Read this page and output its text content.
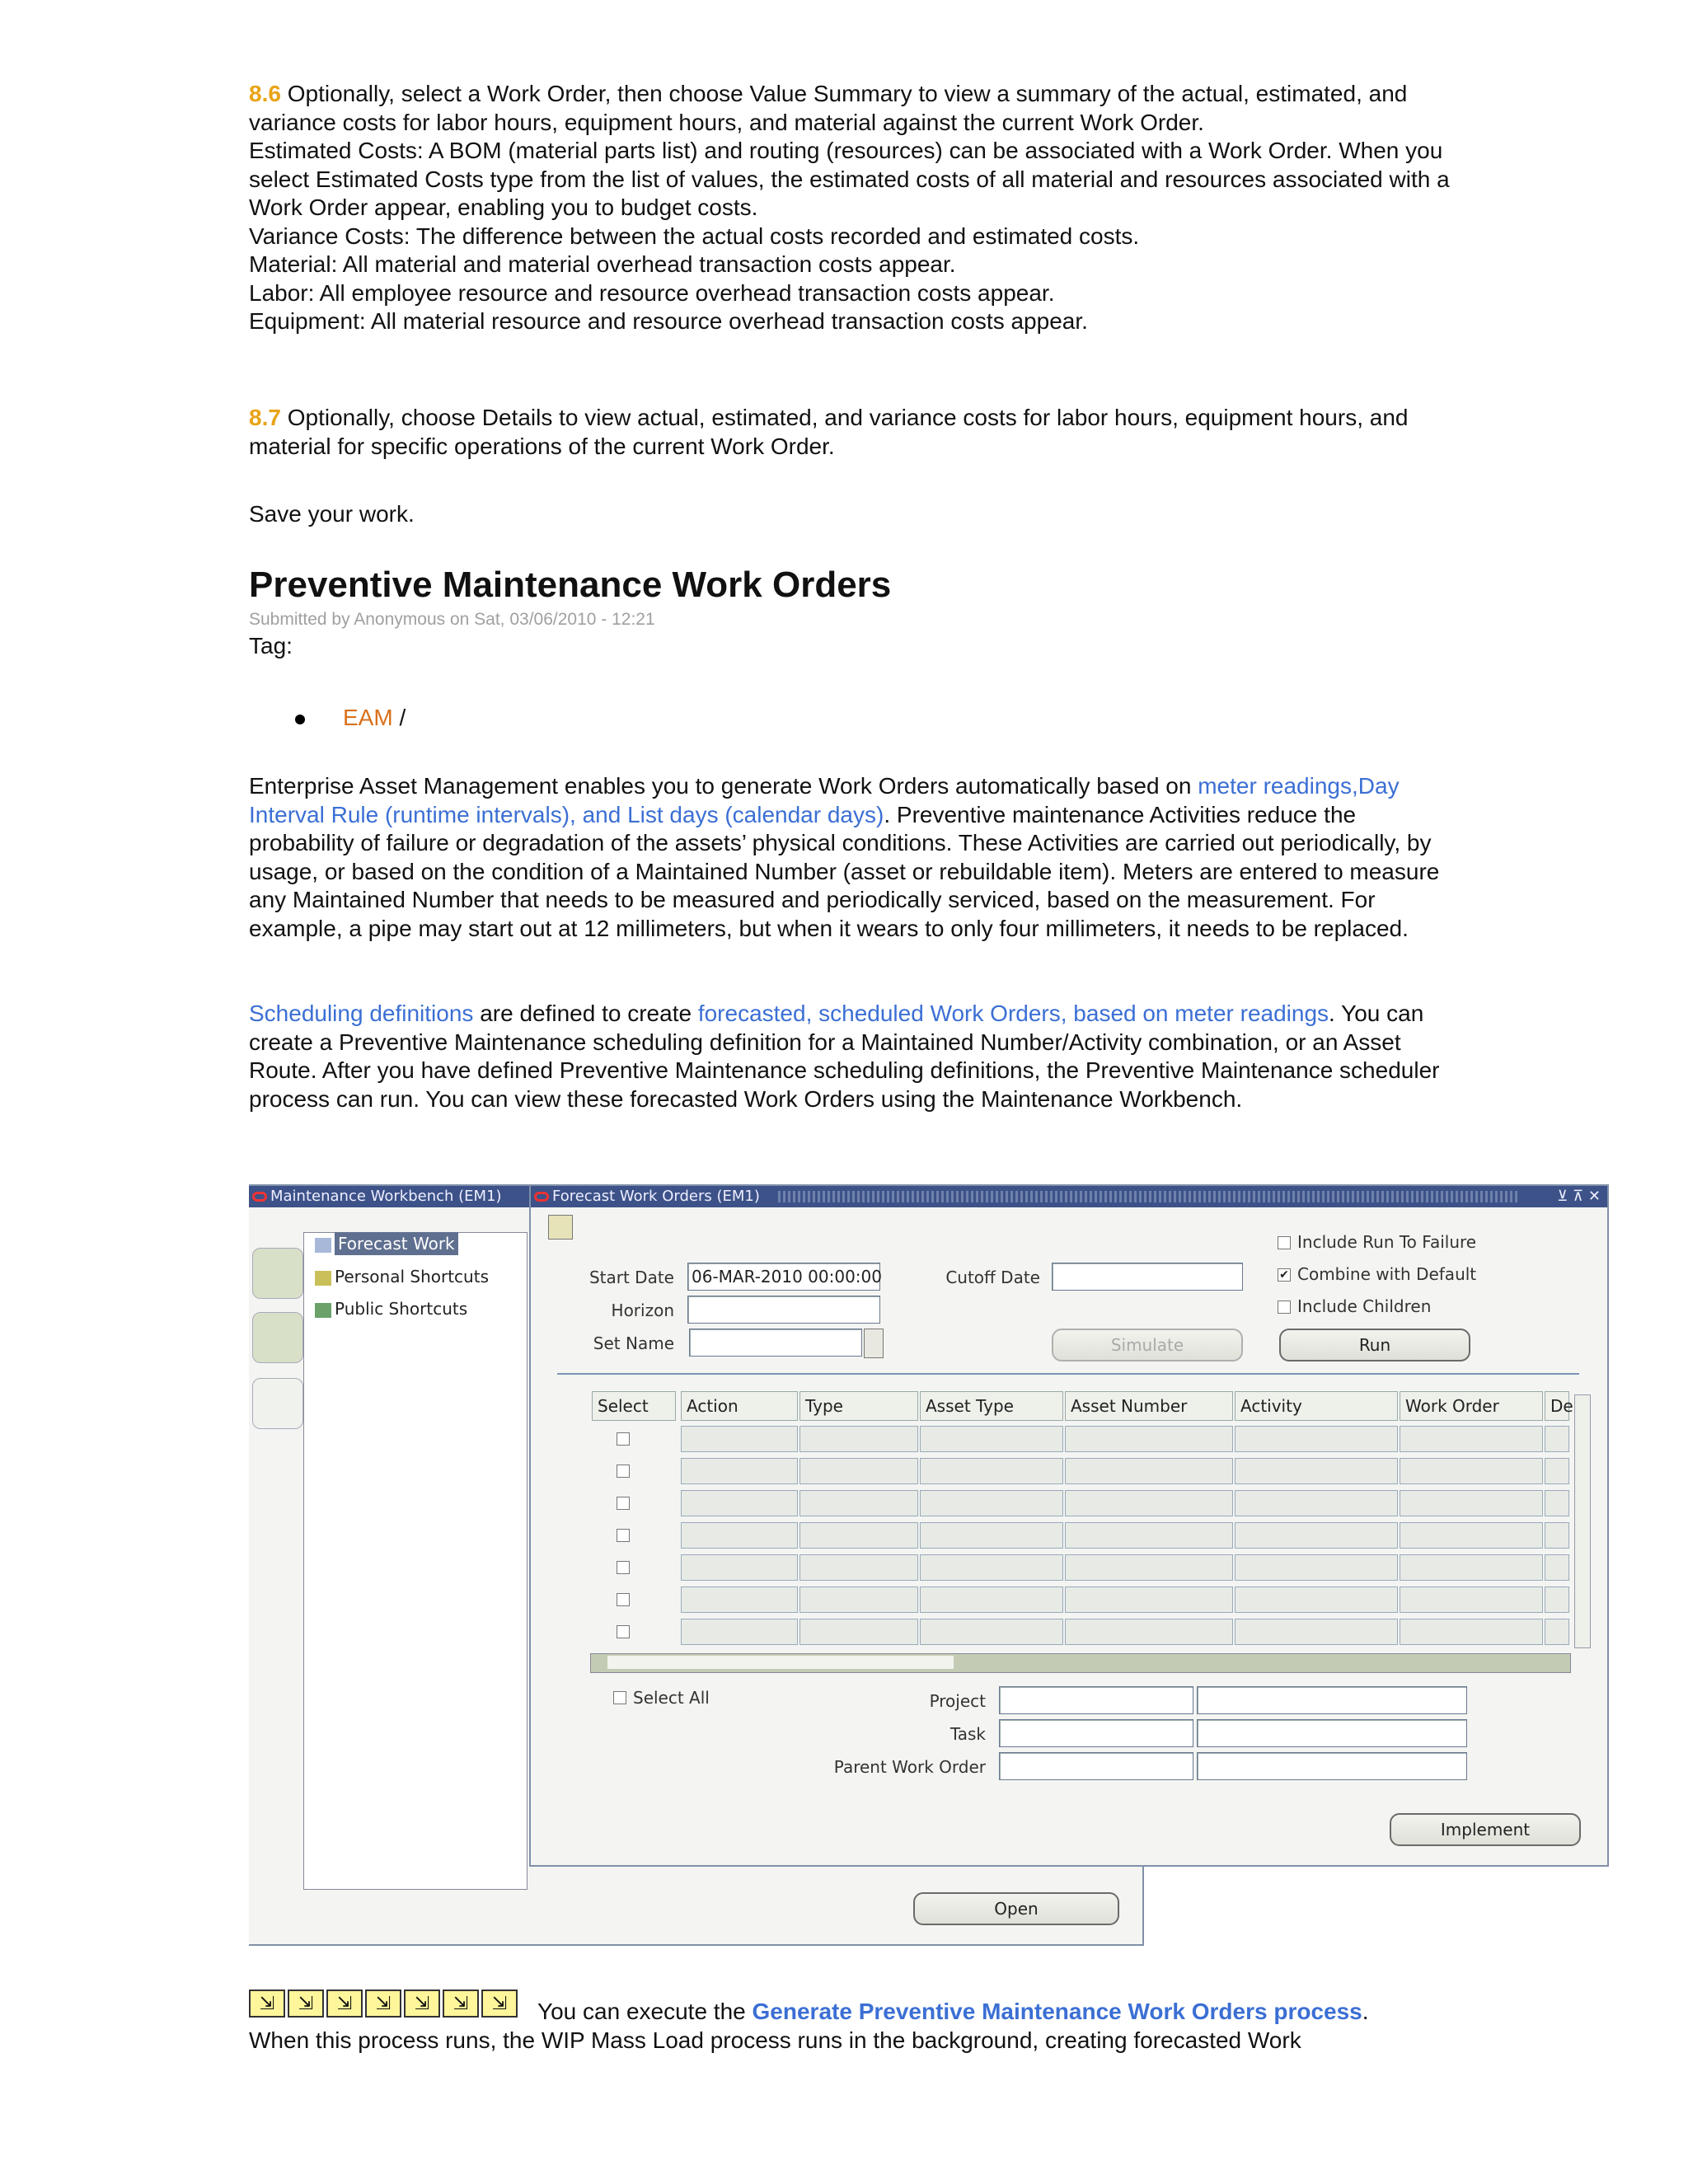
8.6 Optionally, select a Work Order, then choose Value Summary to view a summary of the actual, estimated, and variance costs for labor hours, equipment hours, and material against the current Work Order.
Estimated Costs: A BOM (material parts list) and routing (resources) can be associated with a Work Order. When you select Estimated Costs type from the list of values, the estimated costs of all material and resources associated with a Work Order appear, enabling you to budget costs.
Variance Costs: The difference between the actual costs recorded and estimated costs.
Material: All material and material overhead transaction costs appear.
Labor: All employee resource and resource overhead transaction costs appear.
Equipment: All material resource and resource overhead transaction costs appear.
8.7 Optionally, choose Details to view actual, estimated, and variance costs for labor hours, equipment hours, and material for specific operations of the current Work Order.
Save your work.
Preventive Maintenance Work Orders
Submitted by Anonymous on Sat, 03/06/2010 - 12:21
Tag:
EAM /
Enterprise Asset Management enables you to generate Work Orders automatically based on meter readings,Day Interval Rule (runtime intervals), and List days (calendar days). Preventive maintenance Activities reduce the probability of failure or degradation of the assets’ physical conditions. These Activities are carried out periodically, by usage, or based on the condition of a Maintained Number (asset or rebuildable item). Meters are entered to measure any Maintained Number that needs to be measured and periodically serviced, based on the measurement. For example, a pipe may start out at 12 millimeters, but when it wears to only four millimeters, it needs to be replaced.
Scheduling definitions are defined to create forecasted, scheduled Work Orders, based on meter readings. You can create a Preventive Maintenance scheduling definition for a Maintained Number/Activity combination, or an Asset Route. After you have defined Preventive Maintenance scheduling definitions, the Preventive Maintenance scheduler process can run. You can view these forecasted Work Orders using the Maintenance Workbench.
Maintenance Workbench (EM1)
Open
Forecast Work
Personal Shortcuts
Public Shortcuts
Forecast Work Orders (EM1)	⊻ ⊼ ✕
Start Date 06-MAR-2010 00:00:00	Cutoff Date
Horizon
Set Name
Include Run To Failure
✔ Combine with Default
Include Children
Simulate	Run
Select	Action	Type	Asset Type	Asset Number	Activity	Work Order	De
Select All	Project
Task
Parent Work Order
Implement
⇲ ⇲ ⇲ ⇲ ⇲ ⇲ ⇲	You can execute the Generate Preventive Maintenance Work Orders process.
When this process runs, the WIP Mass Load process runs in the background, creating forecasted Work
